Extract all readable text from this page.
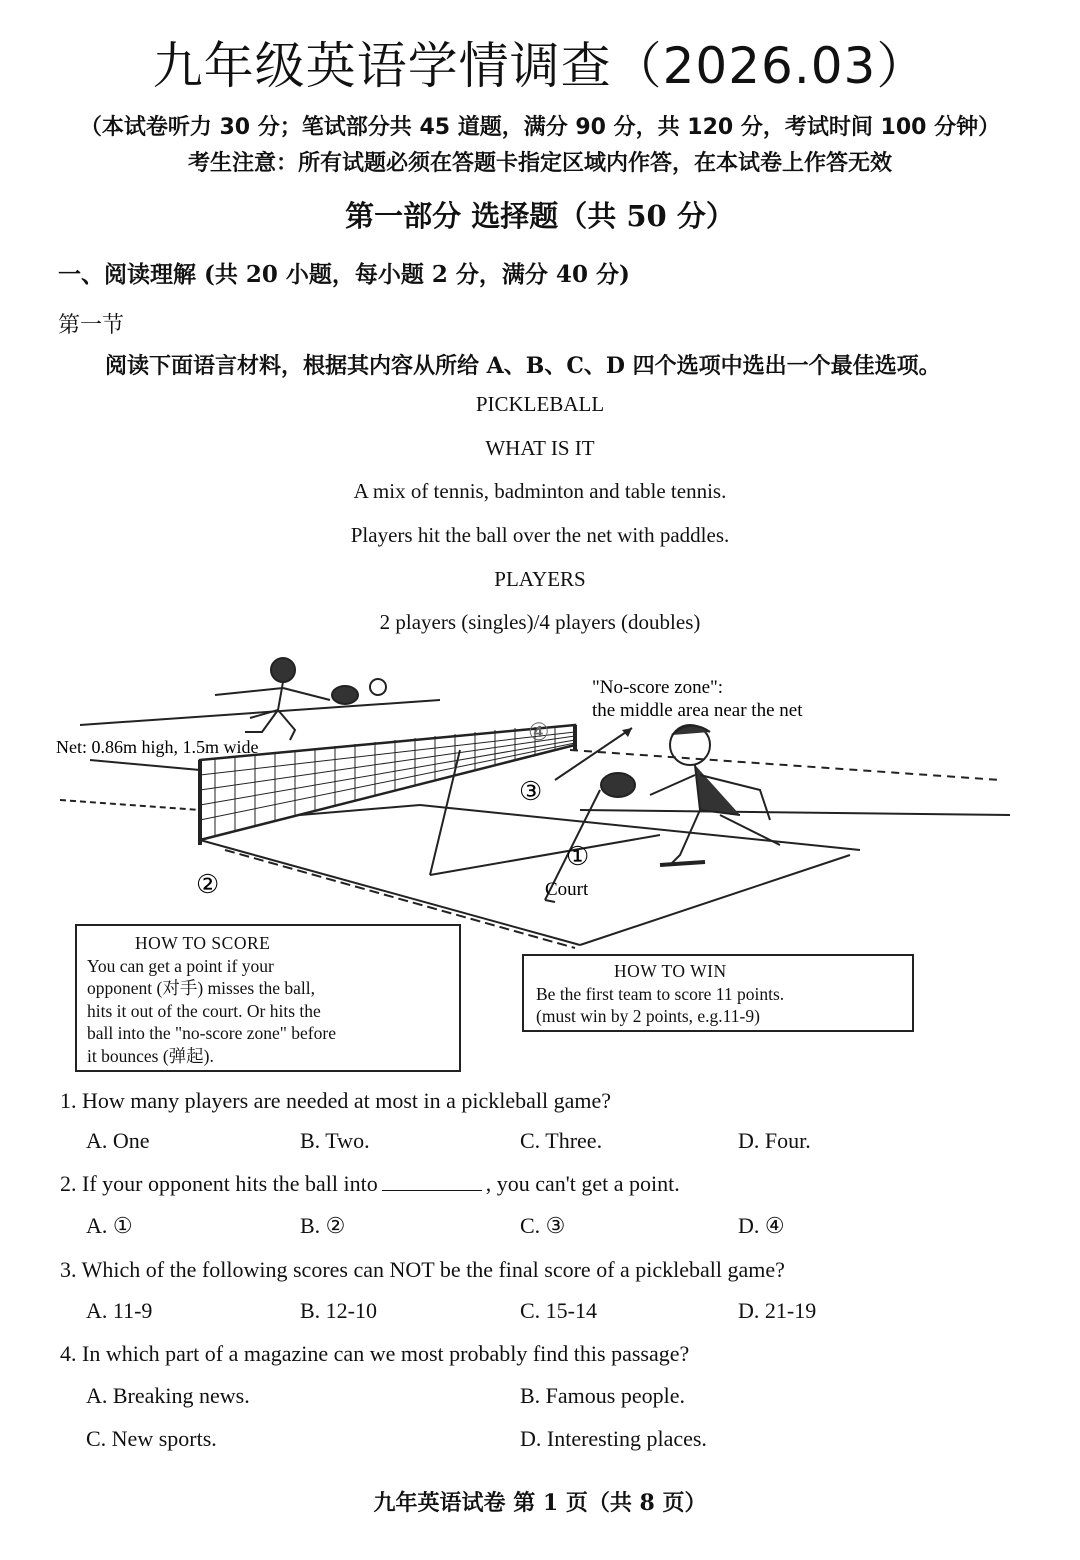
九年级英语学情调查（2026.03）
（本试卷听力 30 分；笔试部分共 45 道题，满分 90 分，共 120 分，考试时间 100 分钟）
考生注意：所有试题必须在答题卡指定区域内作答，在本试卷上作答无效
第一部分 选择题（共 50 分）
一、阅读理解 (共 20 小题，每小题 2 分，满分 40 分)
第一节
阅读下面语言材料，根据其内容从所给 A、B、C、D 四个选项中选出一个最佳选项。
PICKLEBALL
WHAT IS IT
A mix of tennis, badminton and table tennis.
Players hit the ball over the net with paddles.
PLAYERS
2 players (singles)/4 players (doubles)
"No-score zone":
the middle area near the net
Net: 0.86m high, 1.5m wide
Court
③
④
①
②
HOW TO SCORE
You can get a point if your
opponent (对手) misses the ball,
hits it out of the court. Or hits the
ball into the "no-score zone" before
it bounces (弹起).
HOW TO WIN
Be the first team to score 11 points.
(must win by 2 points, e.g.11-9)
1. How many players are needed at most in a pickleball game?
A. One	B. Two.	C. Three.	D. Four.
2. If your opponent hits the ball into	, you can't get a point.
A. ①	B. ②	C. ③	D. ④
3. Which of the following scores can NOT be the final score of a pickleball game?
A. 11-9	B. 12-10	C. 15-14	D. 21-19
4. In which part of a magazine can we most probably find this passage?
A. Breaking news.	B. Famous people.
C. New sports.	D. Interesting places.
九年英语试卷 第 1 页（共 8 页）
